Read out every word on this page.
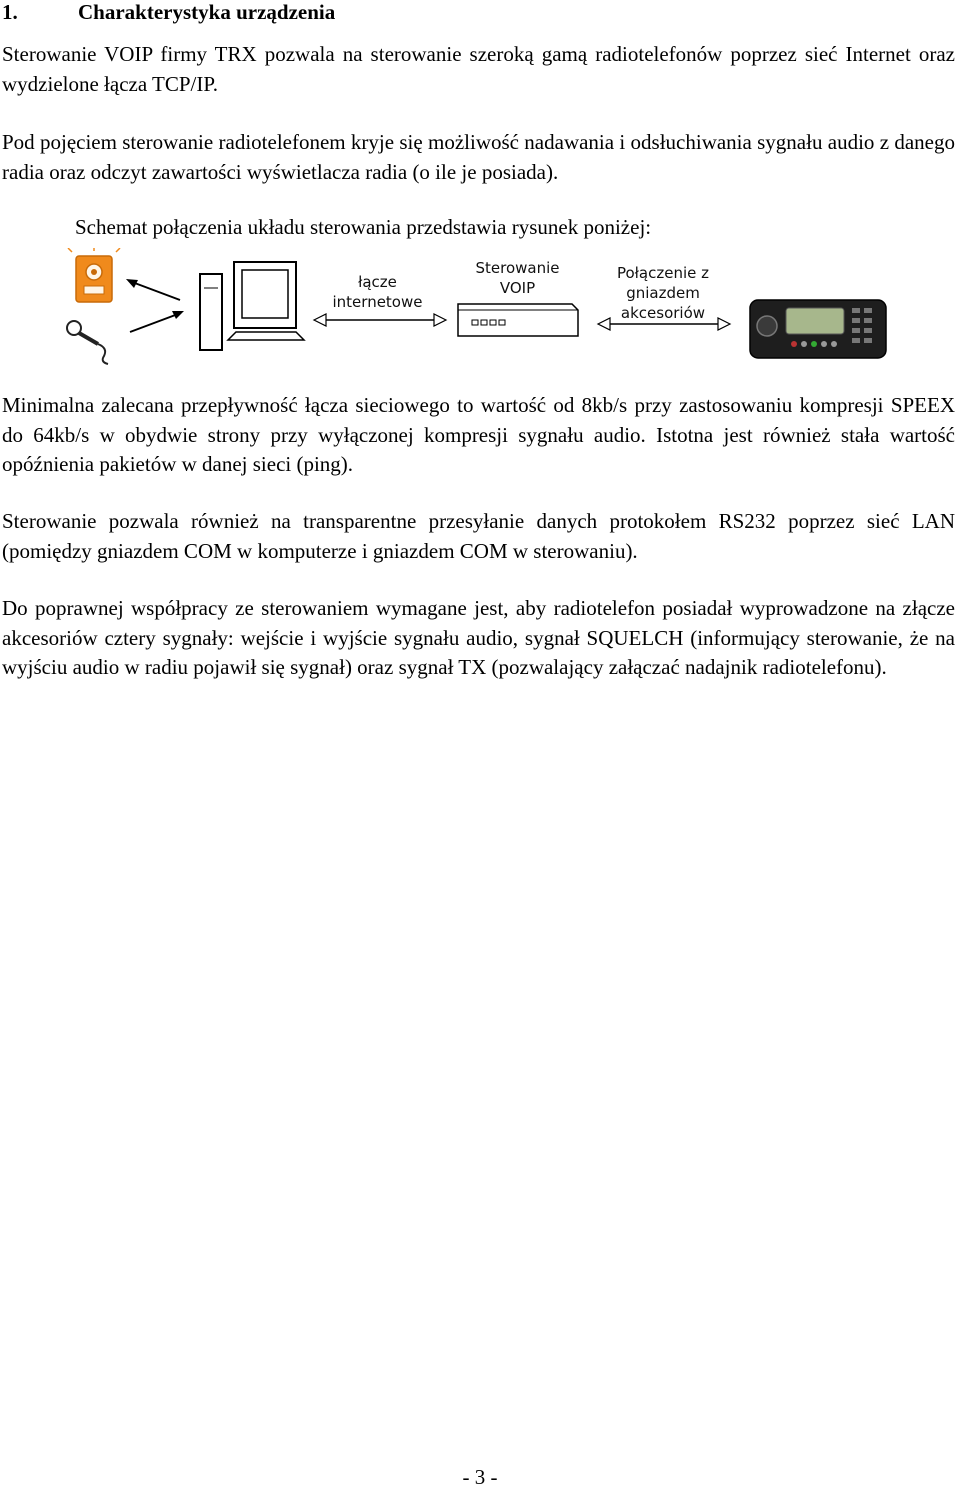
1.	Charakterystyka urządzenia

Sterowanie VOIP firmy TRX pozwala na sterowanie szeroką gamą radiotelefonów poprzez sieć Internet oraz wydzielone łącza TCP/IP.

Pod pojęciem sterowanie radiotelefonem kryje się możliwość nadawania i odsłuchiwania sygnału audio z danego radia oraz odczyt zawartości wyświetlacza radia (o ile je posiada).

Schemat połączenia układu sterowania przedstawia rysunek poniżej:
łącze internetowe
Sterowanie VOIP
Połączenie z gniazdem akcesoriów

Minimalna zalecana przepływność łącza sieciowego to wartość od 8kb/s przy zastosowaniu kompresji SPEEX do 64kb/s w obydwie strony przy wyłączonej kompresji sygnału audio. Istotna jest również stała wartość opóźnienia pakietów w danej sieci (ping).

Sterowanie pozwala również na transparentne przesyłanie danych protokołem RS232 poprzez sieć LAN (pomiędzy gniazdem COM w komputerze i gniazdem COM w sterowaniu).

Do poprawnej współpracy ze sterowaniem wymagane jest, aby radiotelefon posiadał wyprowadzone na złącze akcesoriów cztery sygnały: wejście i wyjście sygnału audio, sygnał SQUELCH (informujący sterowanie, że na wyjściu audio w radiu pojawił się sygnał) oraz sygnał TX (pozwalający załączać nadajnik radiotelefonu).

- 3 -
